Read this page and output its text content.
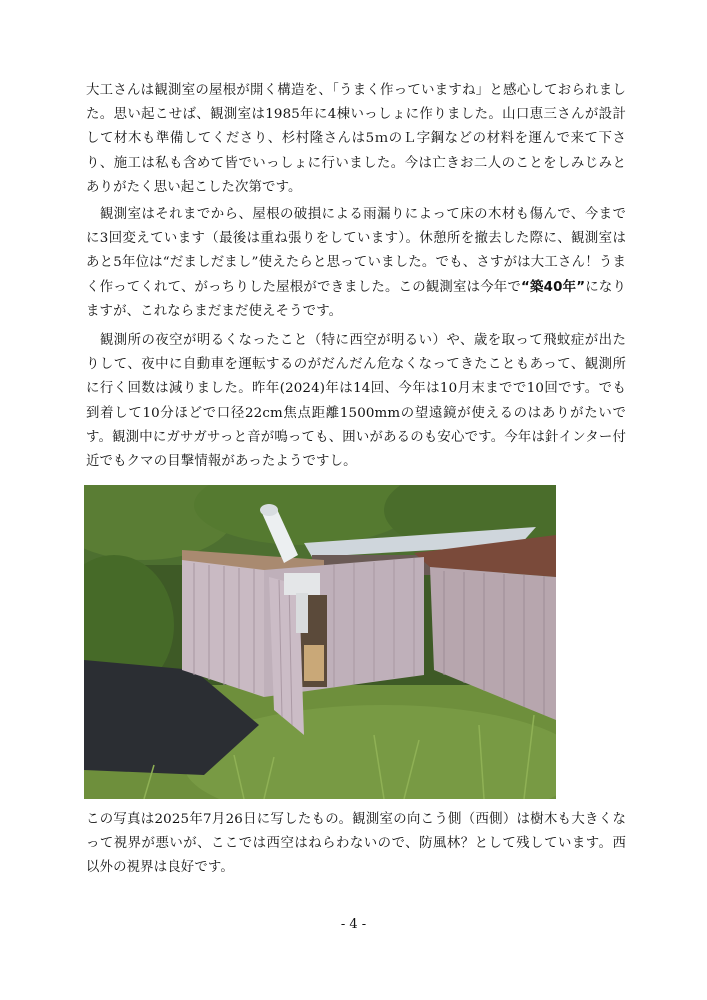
大工さんは観測室の屋根が開く構造を、「うまく作っていますね」と感心しておられました。思い起こせば、観測室は1985年に4棟いっしょに作りました。山口恵三さんが設計して材木も準備してくださり、杉村隆さんは5ｍのＬ字鋼などの材料を運んで来て下さり、施工は私も含めて皆でいっしょに行いました。今は亡きお二人のことをしみじみとありがたく思い起こした次第です。

　観測室はそれまでから、屋根の破損による雨漏りによって床の木材も傷んで、今までに3回変えています（最後は重ね張りをしています）。休憩所を撤去した際に、観測室はあと5年位は“だましだまし”使えたらと思っていました。でも、さすがは大工さん！うまく作ってくれて、がっちりした屋根ができました。この観測室は今年で“築40年”になりますが、これならまだまだ使えそうです。

　観測所の夜空が明るくなったこと（特に西空が明るい）や、歳を取って飛蚊症が出たりして、夜中に自動車を運転するのがだんだん危なくなってきたこともあって、観測所に行く回数は減りました。昨年(2024)年は14回、今年は10月末までで10回です。でも到着して10分ほどで口径22cm焦点距離1500mmの望遠鏡が使えるのはありがたいです。観測中にガサガサっと音が鳴っても、囲いがあるのも安心です。今年は針インター付近でもクマの目撃情報があったようですし。

この写真は2025年7月26日に写したもの。観測室の向こう側（西側）は樹木も大きくなって視界が悪いが、ここでは西空はねらわないので、防風林？として残しています。西以外の視界は良好です。

- 4 -
